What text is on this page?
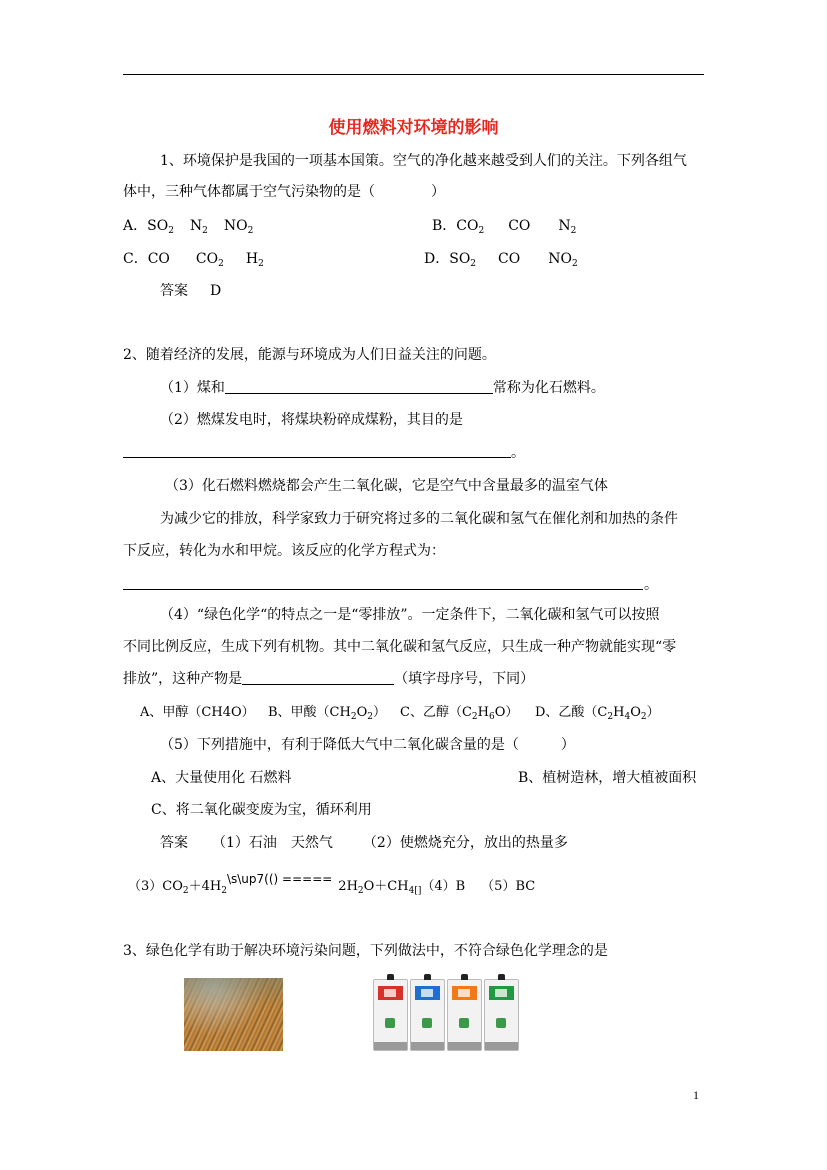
使用燃料对环境的影响
1、环境保护是我国的一项基本国策。空气的净化越来越受到人们的关注。下列各组气
体中，三种气体都属于空气污染物的是（　　　　）
A．$SO_2$ $N_2$ $NO_2$	B．$CO_2$ CO $N_2$
C．CO $CO_2$ $H_2$	D．$SO_2$ CO $NO_2$
答案 D
2、随着经济的发展，能源与环境成为人们日益关注的问题。
（1）煤和	常称为化石燃料。
（2）燃煤发电时，将煤块粉碎成煤粉，其目的是
。
（3）化石燃料燃烧都会产生二氧化碳，它是空气中含量最多的温室气体
为减少它的排放，科学家致力于研究将过多的二氧化碳和氢气在催化剂和加热的条件
下反应，转化为水和甲烷。该反应的化学方程式为：
。
（4）“绿色化学“的特点之一是“零排放”。一定条件下，二氧化碳和氢气可以按照
不同比例反应，生成下列有机物。其中二氧化碳和氢气反应，只生成一种产物就能实现“零
排放”，这种产物是	（填字母序号，下同）
A、甲醇（CH4O） B、甲酸$(CH_2O_2)$ C、乙醇$(C_2H_6O)$ D、乙酸$(C_2H_4O_2)$
（5）下列措施中，有利于降低大气中二氧化碳含量的是（　　　）
A、大量使用化 石燃料	B、植树造林，增大植被面积
C、将二氧化碳变废为宝，循环利用
答案 （1）石油　天然气 （2）使燃烧充分，放出的热量多
$(3)CO_2+4H_2\backslash s\backslash up7(()$ ===== $2H_2O+CH_{4[]}(4)B$ （5）BC
3、绿色化学有助于解决环境污染问题，下列做法中，不符合绿色化学理念的是
1
